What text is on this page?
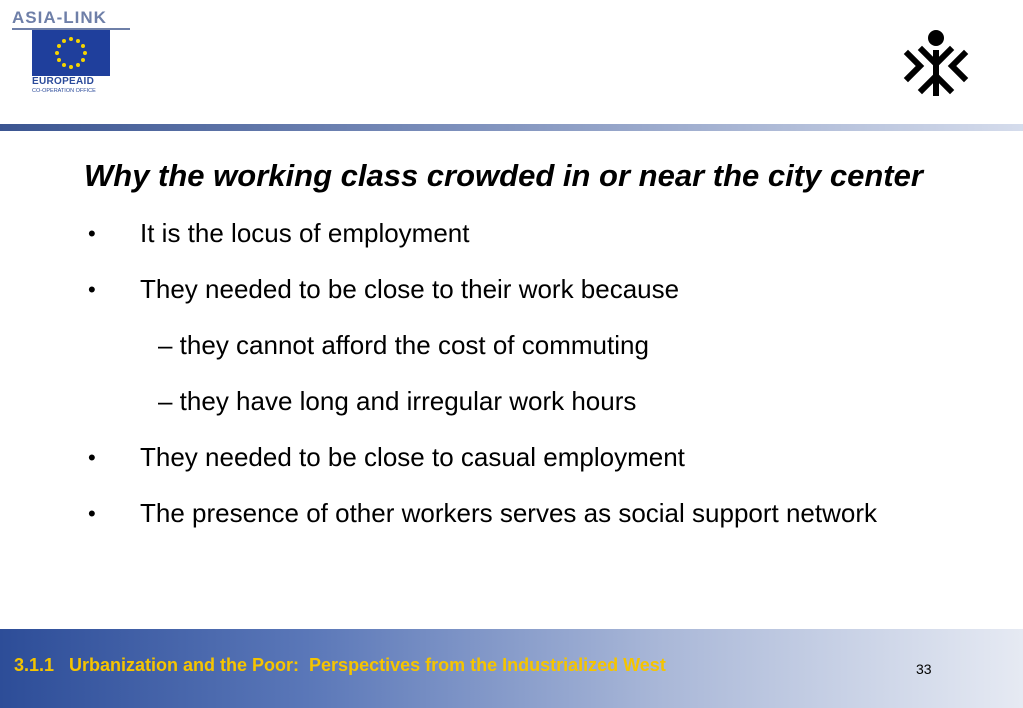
ASIA-LINK
EUROPEAID
CO-OPERATION OFFICE

Why the working class crowded in or near the city center

• It is the locus of employment
• They needed to be close to their work because
– they cannot afford the cost of commuting
– they have long and irregular work hours
• They needed to be close to casual employment
• The presence of other workers serves as social support network
3.1.1   Urbanization and the Poor:  Perspectives from the Industrialized West	33
